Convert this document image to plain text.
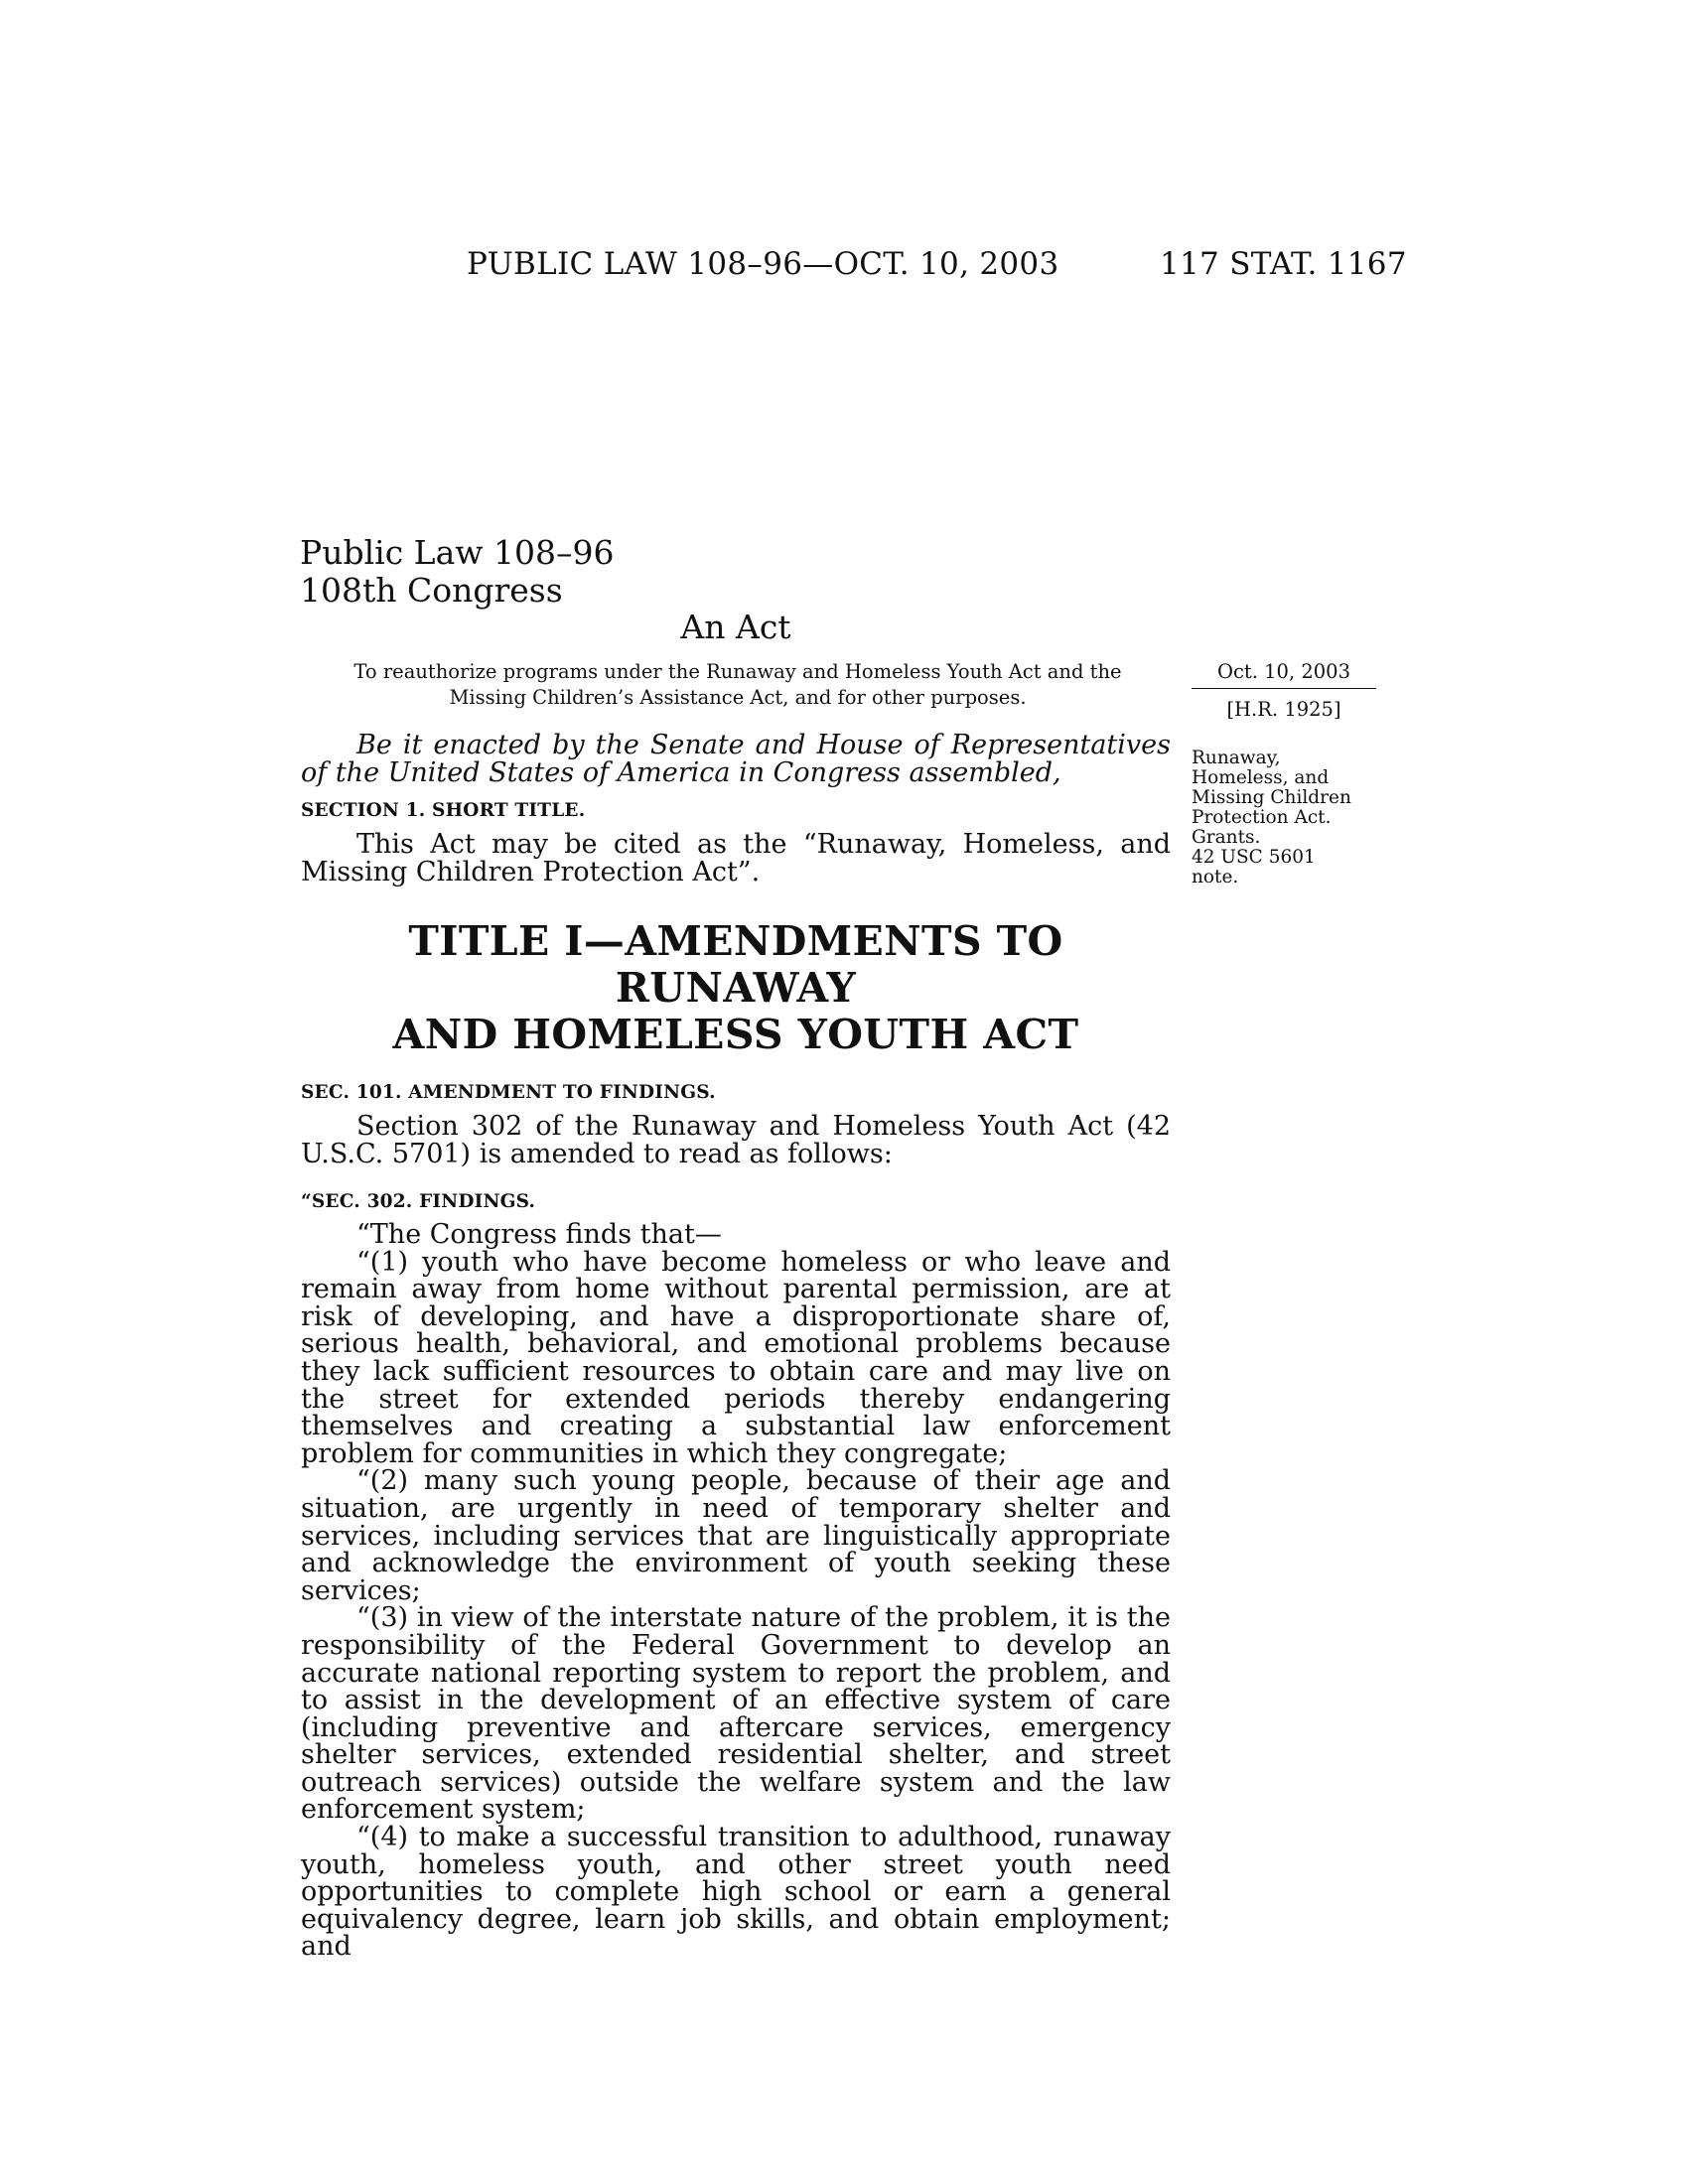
PUBLIC LAW 108–96—OCT. 10, 2003	117 STAT. 1167
Public Law 108–96
108th Congress
An Act
To reauthorize programs under the Runaway and Homeless Youth Act and the Missing Children’s Assistance Act, and for other purposes.
Oct. 10, 2003
[H.R. 1925]
Runaway,
Homeless, and
Missing Children
Protection Act.
Grants.
42 USC 5601
note.
Be it enacted by the Senate and House of Representatives of the United States of America in Congress assembled,
SECTION 1. SHORT TITLE.
This Act may be cited as the “Runaway, Homeless, and Missing Children Protection Act”.
TITLE I—AMENDMENTS TO RUNAWAY
AND HOMELESS YOUTH ACT
SEC. 101. AMENDMENT TO FINDINGS.
Section 302 of the Runaway and Homeless Youth Act (42 U.S.C. 5701) is amended to read as follows:
“SEC. 302. FINDINGS.

“The Congress finds that—

“(1) youth who have become homeless or who leave and remain away from home without parental permission, are at risk of developing, and have a disproportionate share of, serious health, behavioral, and emotional problems because they lack sufficient resources to obtain care and may live on the street for extended periods thereby endangering themselves and creating a substantial law enforcement problem for communities in which they congregate;

“(2) many such young people, because of their age and situation, are urgently in need of temporary shelter and services, including services that are linguistically appropriate and acknowledge the environment of youth seeking these services;

“(3) in view of the interstate nature of the problem, it is the responsibility of the Federal Government to develop an accurate national reporting system to report the problem, and to assist in the development of an effective system of care (including preventive and aftercare services, emergency shelter services, extended residential shelter, and street outreach services) outside the welfare system and the law enforcement system;

“(4) to make a successful transition to adulthood, runaway youth, homeless youth, and other street youth need opportunities to complete high school or earn a general equivalency degree, learn job skills, and obtain employment; and
